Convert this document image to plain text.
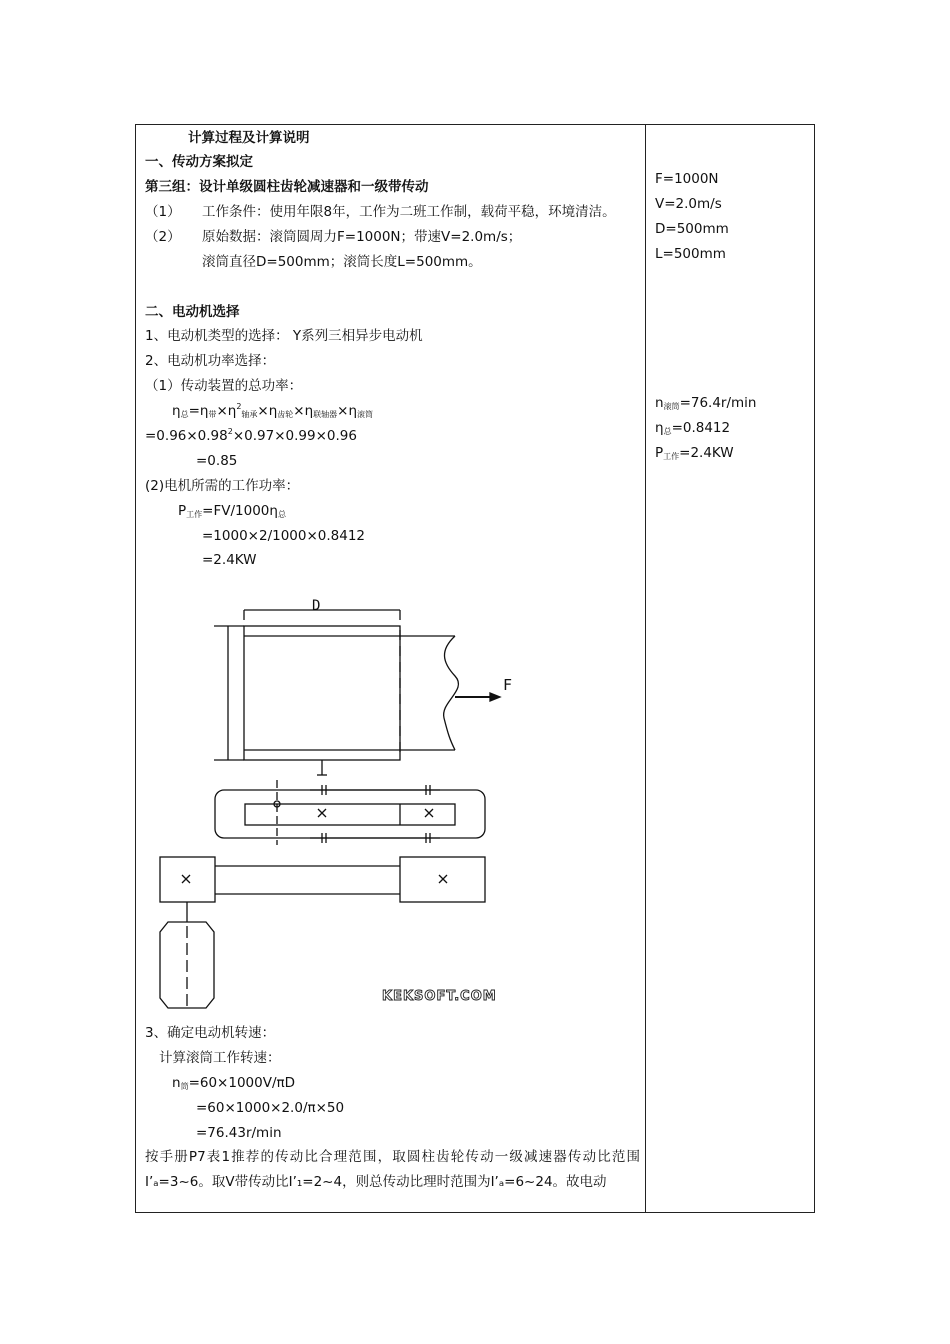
计算过程及计算说明
一、传动方案拟定
第三组：设计单级圆柱齿轮减速器和一级带传动
（1） 工作条件：使用年限8年，工作为二班工作制，载荷平稳，环境清洁。
（2） 原始数据：滚筒圆周力F=1000N；带速V=2.0m/s；
滚筒直径D=500mm；滚筒长度L=500mm。
二、电动机选择
1、电动机类型的选择： Y系列三相异步电动机
2、电动机功率选择：
（1）传动装置的总功率：
η总=η带$\times\eta^2$轴承×η齿轮×η联轴器×η滚筒
$=0.96\times 0.98^2\times 0.97\times 0.99\times 0.96$
=0.85
(2)电机所需的工作功率：
P工作=FV/1000η总
=1000×2/1000×0.8412
=2.4KW
D
F
KEKSOFT.COM
3、确定电动机转速：
计算滚筒工作转速：
n筒=60×1000V/πD
=60×1000×2.0/π×50
=76.43r/min
按手册P7表1推荐的传动比合理范围，取圆柱齿轮传动一级减速器传动比范围I’ₐ=3~6。取V带传动比I’₁=2~4，则总传动比理时范围为I’ₐ=6~24。故电动
F=1000N
V=2.0m/s
D=500mm
L=500mm
n滚筒=76.4r/min
η总=0.8412
P工作=2.4KW
